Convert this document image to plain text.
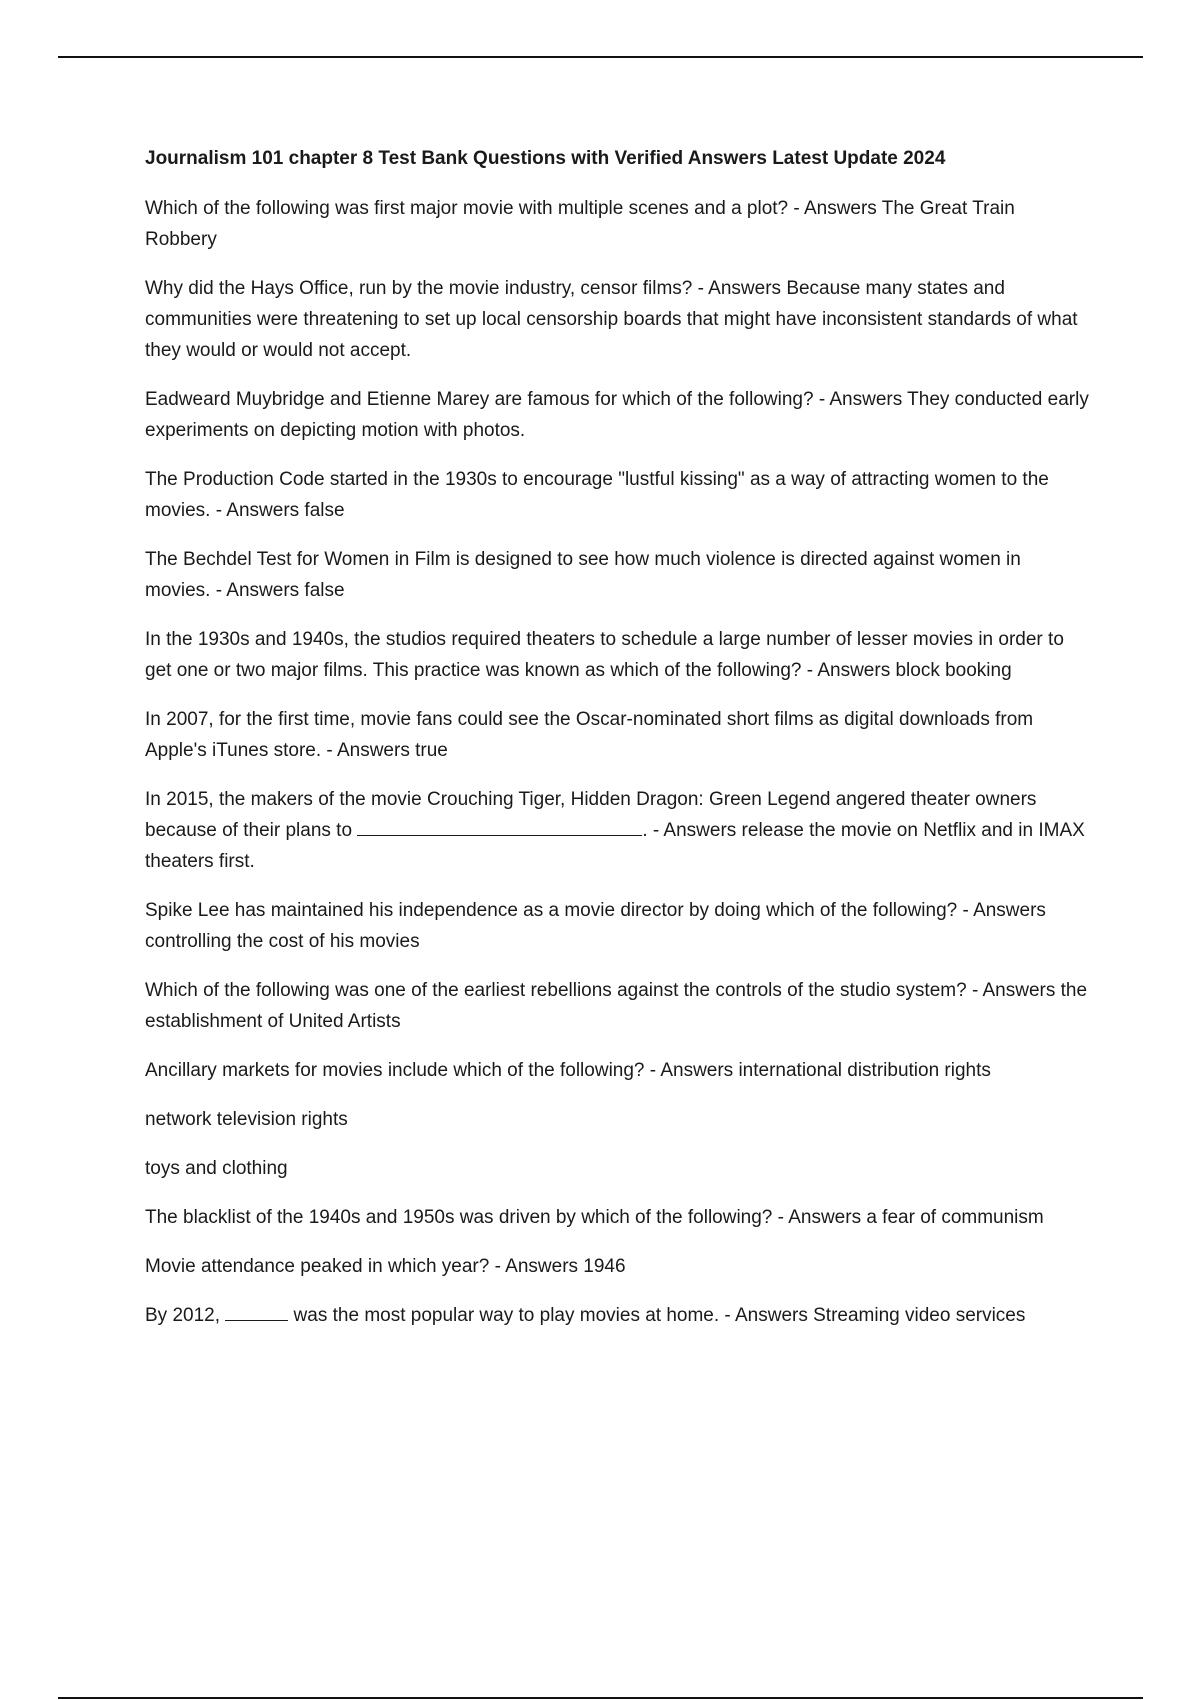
Journalism 101 chapter 8 Test Bank Questions with Verified Answers Latest Update 2024

Which of the following was first major movie with multiple scenes and a plot? - Answers The Great Train Robbery

Why did the Hays Office, run by the movie industry, censor films? - Answers Because many states and communities were threatening to set up local censorship boards that might have inconsistent standards of what they would or would not accept.

Eadweard Muybridge and Etienne Marey are famous for which of the following? - Answers They conducted early experiments on depicting motion with photos.

The Production Code started in the 1930s to encourage "lustful kissing" as a way of attracting women to the movies. - Answers false

The Bechdel Test for Women in Film is designed to see how much violence is directed against women in movies. - Answers false

In the 1930s and 1940s, the studios required theaters to schedule a large number of lesser movies in order to get one or two major films. This practice was known as which of the following? - Answers block booking

In 2007, for the first time, movie fans could see the Oscar-nominated short films as digital downloads from Apple's iTunes store. - Answers true

In 2015, the makers of the movie Crouching Tiger, Hidden Dragon: Green Legend angered theater owners because of their plans to	. - Answers release the movie on Netflix and in IMAX theaters first.

Spike Lee has maintained his independence as a movie director by doing which of the following? - Answers controlling the cost of his movies

Which of the following was one of the earliest rebellions against the controls of the studio system? - Answers the establishment of United Artists

Ancillary markets for movies include which of the following? - Answers international distribution rights

network television rights

toys and clothing

The blacklist of the 1940s and 1950s was driven by which of the following? - Answers a fear of communism

Movie attendance peaked in which year? - Answers 1946

By 2012,	was the most popular way to play movies at home. - Answers Streaming video services
